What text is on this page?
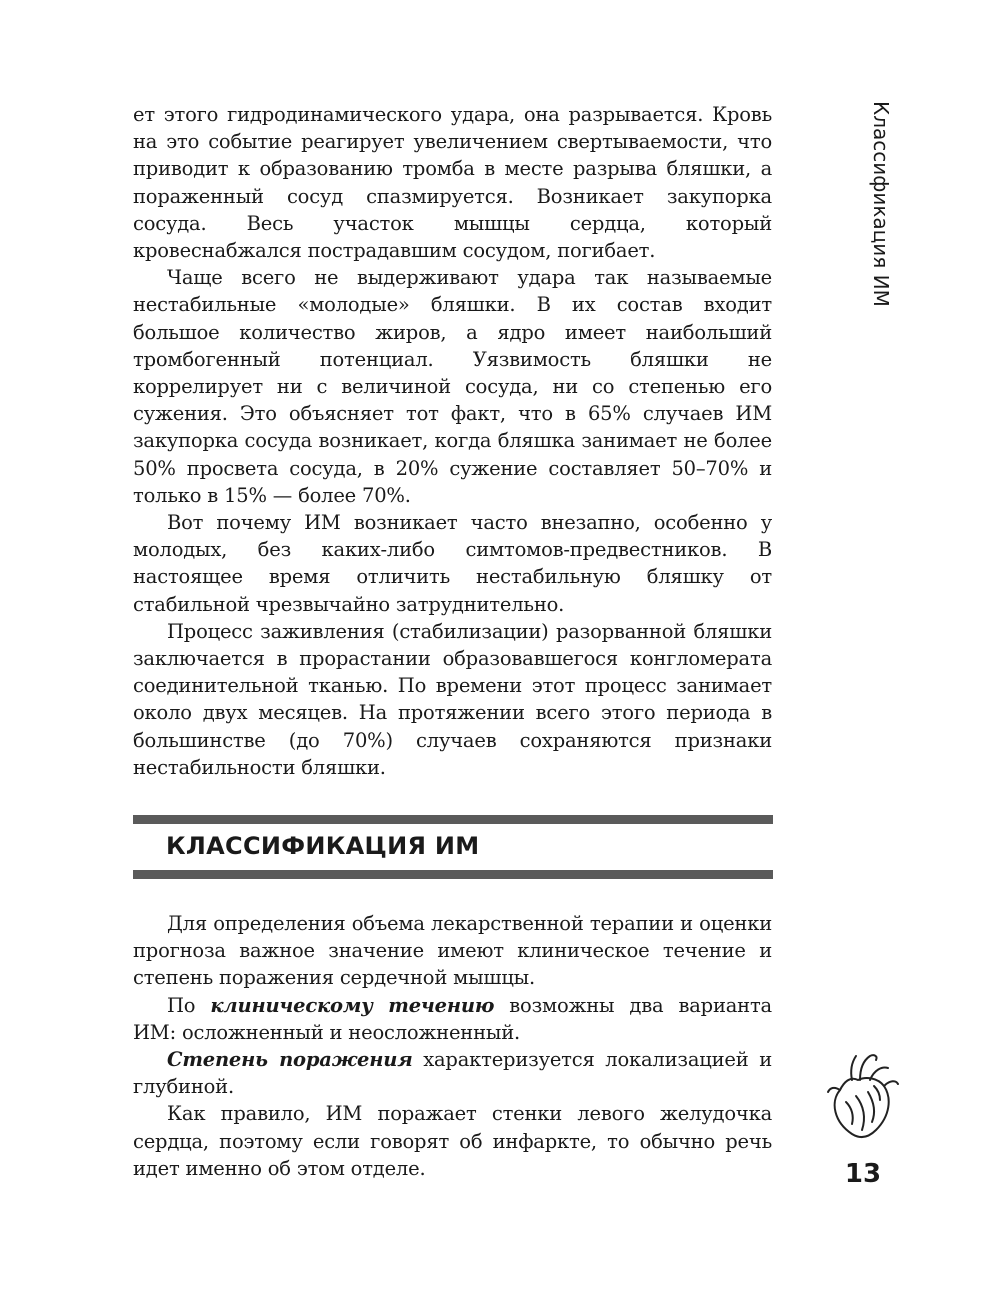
Классификация ИМ

ет этого гидродинамического удара, она разрывается. Кровь на это событие реагирует увеличением свертываемости, что приводит к образованию тромба в месте разрыва бляшки, а пораженный сосуд спазмируется. Возникает закупорка сосуда. Весь участок мышцы сердца, который кровеснабжался пострадавшим сосудом, погибает.

Чаще всего не выдерживают удара так называемые нестабильные «молодые» бляшки. В их состав входит большое количество жиров, а ядро имеет наибольший тромбогенный потенциал. Уязвимость бляшки не коррелирует ни с величиной сосуда, ни со степенью его сужения. Это объясняет тот факт, что в 65% случаев ИМ закупорка сосуда возникает, когда бляшка занимает не более 50% просвета сосуда, в 20% сужение составляет 50–70% и только в 15% — более 70%.

Вот почему ИМ возникает часто внезапно, особенно у молодых, без каких-либо симтомов-предвестников. В настоящее время отличить нестабильную бляшку от стабильной чрезвычайно затруднительно.

Процесс заживления (стабилизации) разорванной бляшки заключается в прорастании образовавшегося конгломерата соединительной тканью. По времени этот процесс занимает около двух месяцев. На протяжении всего этого периода в большинстве (до 70%) случаев сохраняются признаки нестабильности бляшки.

КЛАССИФИКАЦИЯ ИМ

Для определения объема лекарственной терапии и оценки прогноза важное значение имеют клиническое течение и степень поражения сердечной мышцы.

По клиническому течению возможны два варианта ИМ: осложненный и неосложненный.

Степень поражения характеризуется локализацией и глубиной.

Как правило, ИМ поражает стенки левого желудочка сердца, поэтому если говорят об инфаркте, то обычно речь идет именно об этом отделе.	13
